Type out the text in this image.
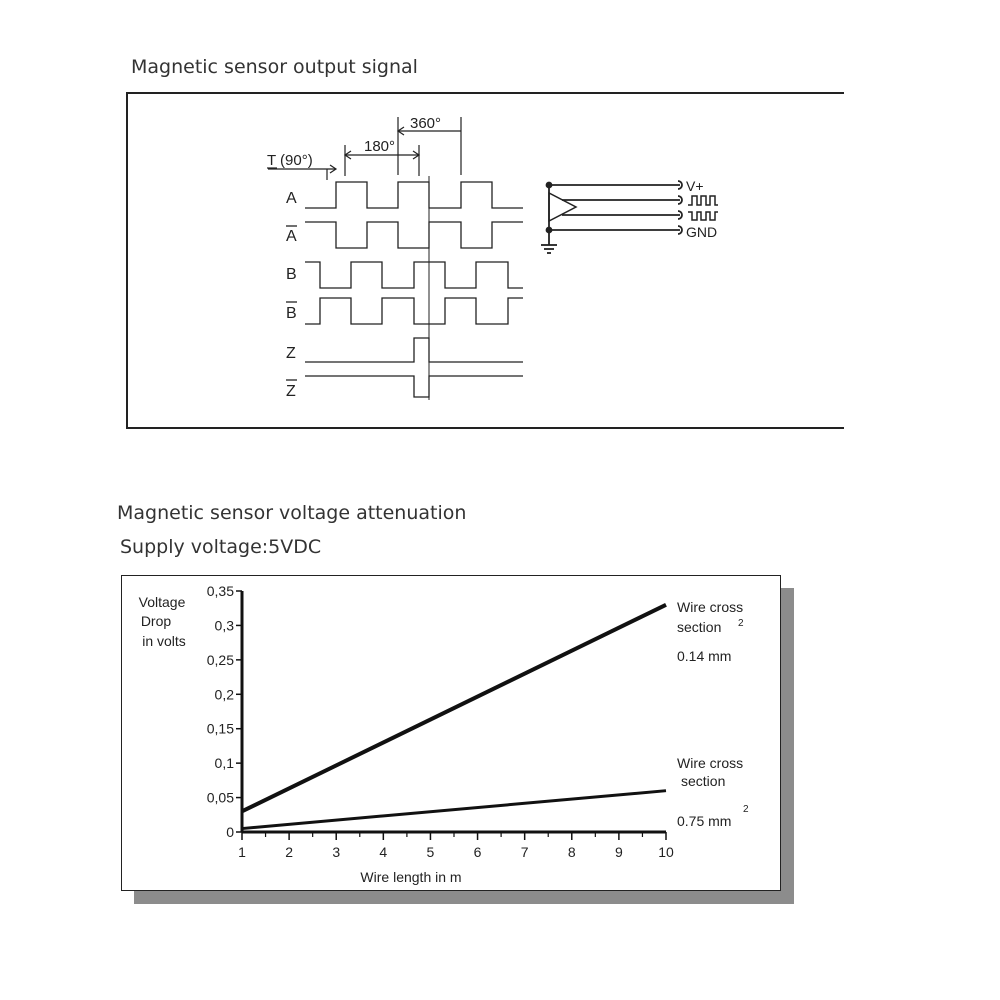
Magnetic sensor output signal
360°
180°
T (90°)
A
A
B
B
Z
Z
V+
GND
Magnetic sensor voltage attenuation
Supply voltage:5VDC
1	2	3	4	5	6	7	8	9	10
0
0,05
0,1
0,15
0,2
0,25
0,3
0,35
Voltage
Drop
in volts
Wire length in m
Wire cross
section 2
0.14 mm
Wire cross
section
0.75 mm
2
